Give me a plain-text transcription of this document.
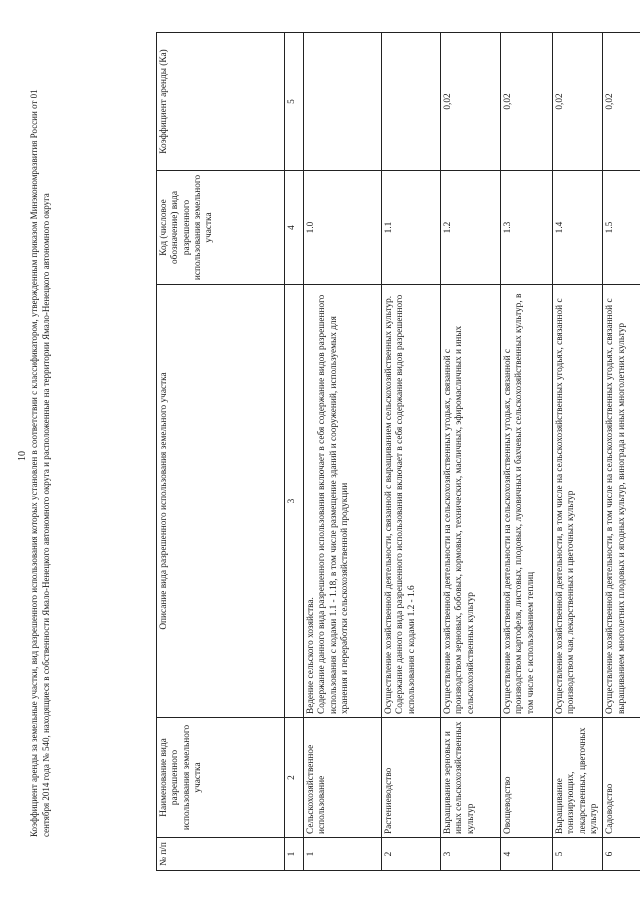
10 Коэффициент аренды за земельные участки, вид разрешенного использования которых установлен в соответствии с классификатором, утвержденным приказом Минэкономразвития России от 01 сентября 2014 года № 540, находящиеся в собственности Ямало-Ненецкого автономного округа и расположенные на территории Ямало-Ненецкого автономного округа
№ п/п	Наименование вида разрешенного использования земельного участка	Описание вида разрешенного использования земельного участка	Код (числовое обозначение) вида разрешенного использования земельного участка	Коэффициент аренды (Ка)
1	2	3	4	5
1	Сельскохозяйственное использование	Ведение сельского хозяйства. Содержание данного вида разрешенного использования включает в себя содержание видов разрешенного использования с кодами 1.1 - 1.18, в том числе размещение зданий и сооружений, используемых для хранения и переработки сельскохозяйственной продукции	1.0	
2	Растениеводство	Осуществление хозяйственной деятельности, связанной с выращиванием сельскохозяйственных культур. Содержание данного вида разрешенного использования включает в себя содержание видов разрешенного использования с кодами 1.2 - 1.6	1.1	
3	Выращивание зерновых и иных сельскохозяйственных культур	Осуществление хозяйственной деятельности на сельскохозяйственных угодьях, связанной с производством зерновых, бобовых, кормовых, технических, масличных, эфиромасличных и иных сельскохозяйственных культур	1.2	0,02
4	Овощеводство	Осуществление хозяйственной деятельности на сельскохозяйственных угодьях, связанной с производством картофеля, листовых, плодовых, луковичных и бахчевых сельскохозяйственных культур, в том числе с использованием теплиц	1.3	0,02
5	Выращивание тонизирующих, лекарственных, цветочных культур	Осуществление хозяйственной деятельности, в том числе на сельскохозяйственных угодьях, связанной с производством чая, лекарственных и цветочных культур	1.4	0,02
6	Садоводство	Осуществление хозяйственной деятельности, в том числе на сельскохозяйственных угодьях, связанной с выращиванием многолетних плодовых и ягодных культур, винограда и иных многолетних культур	1.5	0,02
